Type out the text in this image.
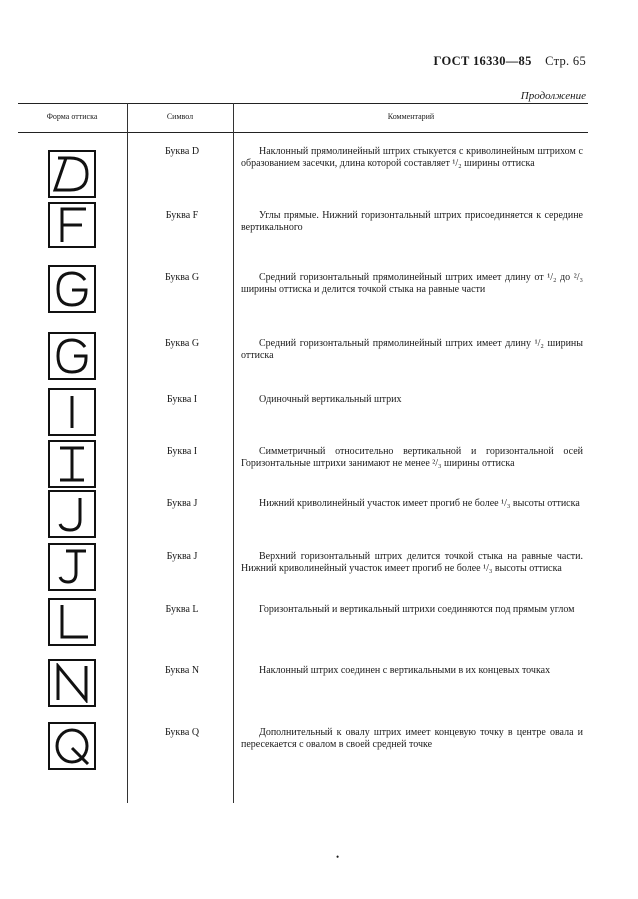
ГОСТ 16330—85 Стр. 65
Продолжение
Форма оттиска	Символ	Комментарий
Буква D	Наклонный прямолинейный штрих стыкуется с криволинейным штрихом с образованием засечки, длина которой составляет ¹/₂ ширины оттиска
Буква F	Углы прямые. Нижний горизонтальный штрих присоединяется к середине вертикального
Буква G	Средний горизонтальный прямолинейный штрих имеет длину от ¹/₂ до ²/₃ ширины оттиска и делится точкой стыка на равные части
Буква G	Средний горизонтальный прямолинейный штрих имеет длину ¹/₂ ширины оттиска
Буква I	Одиночный вертикальный штрих
Буква I	Симметричный относительно вертикальной и горизонтальной осей Горизонтальные штрихи занимают не менее ²/₃ ширины оттиска
Буква J	Нижний криволинейный участок имеет прогиб не более ¹/₃ высоты оттиска
Буква J	Верхний горизонтальный штрих делится точкой стыка на равные части. Нижний криволинейный участок имеет прогиб не более ¹/₃ высоты оттиска
Буква L	Горизонтальный и вертикальный штрихи соединяются под прямым углом
Буква N	Наклонный штрих соединен с вертикальными в их концевых точках
Буква Q	Дополнительный к овалу штрих имеет концевую точку в центре овала и пересекается с овалом в своей средней точке
•
